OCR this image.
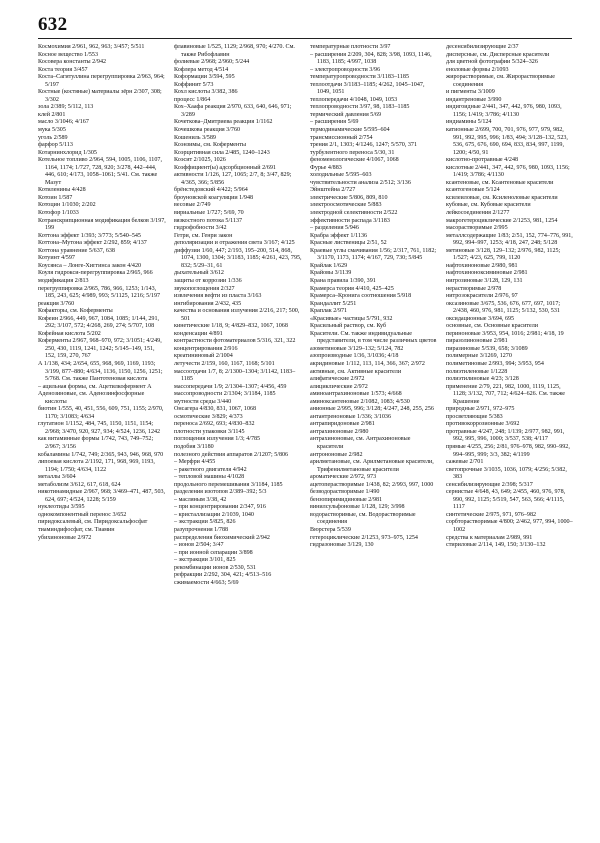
632

Космохимия 2/961, 962, 963; 3/457; 5/511

Косное вещество 1/553

Косовера константы 2/942

Коста теория 3/457

Коста–Сагитуллина перегруппировка 2/963, 964; 5/197

Костные (костяные) материалы зёрн 2/307, 308; 3/302

зола 2/389; 5/112, 113

клей 2/801

масло 3/1046; 4/167

мука 5/305

уголь 2/589

фарфор 5/113

Котарнинхлорид 1/305

Котельное топливо 2/964, 594, 1005, 1106, 1107, 1164, 1174; 1/727, 728, 920; 3/278, 442–444, 446, 610; 4/173, 1058–1061; 5/41. См. также Мазут

Котиленины 4/428

Котоин 1/587

Котоцин 1/1030; 2/202

Котофор 1/1033

Котранскрипционная модификация белков 3/197, 199

Коттона эффект 1/393; 3/773; 5/540–545

Коттона–Мутона эффект 2/292, 859; 4/137

Коттона уравнение 5/637, 638

Котуинт 4/597

Коусянса – Лонге-Хиггинса закон 4/420

Коуля гидрокси-перегруппировка 2/965, 966

модификация 2/813

перегруппировка 2/965, 786, 966, 1253; 1/143, 185, 243, 625; 4/989, 993; 5/1125, 1216; 5/197

реакция 3/760

Кофакторы, см. Коферменты

Кофеин 2/966, 449, 967, 1084, 1085; 1/144, 291, 292; 3/107, 572; 4/268, 269, 274; 5/707, 108

Кофейная кислота 5/202

Коферменты 2/967, 968–970, 972; 3/1051; 4/249, 250, 430, 1119, 1241, 1242; 5/145–149, 151, 152, 159, 270, 767

А 1/138, 434; 2/654, 655, 968, 969, 1169, 1193; 3/199, 877–880; 4/634, 1136, 1150, 1256, 1251; 5/768. См. также Пантотеновая кислота

– ацильная формы, см. Ацетилкофермент А

Аденозиновые, см. Аденозинфосфорные кислоты

биотин 1/555, 40, 451, 556, 609, 751, 1155; 2/970, 1170; 3/1083; 4/634

глутатион 1/1152, 484, 745, 1150, 1151, 1154; 2/968; 3/470, 920, 927, 934; 4/524, 1236, 1242

как витаминные формы 1/742, 743, 749–752; 2/967; 3/156

кобаламины 1/742, 749; 2/365, 943, 946, 968, 970

липоевая кислота 2/1192, 171, 968, 969, 1193, 1194; 1/750; 4/634, 1122

металлы 3/604

метаболизм 3/612, 617, 618, 624

никотинамидные 2/967, 968; 3/469–471, 487, 503, 624, 697; 4/524, 1228; 5/159

нуклеотиды 3/595

однокомпонентный перенос 3/652

пиридоксалевый, см. Пиридоксальфосфат

тиаминдифосфат, см. Тиамин

убихиноновые 2/972

флавиновые 1/525, 1129; 2/968, 970; 4/270. См. также Рибофлавин

фолиевые 2/968; 2/960; 5/244

Кофлера метод 4/514

Коформации 3/594, 595

Коффинит 5/73

Кохл кислоты 3/382, 386

процесс 1/864

Кох–Хаафа реакция 2/970, 633, 640, 646, 971; 3/289

Кочеткова–Дмитриева реакция 1/1162

Кочешкова реакция 3/760

Кошениль 3/589

Коэнзимы, см. Коферменты

Коэрцитивная сила 2/485, 1240–1243

Коэсит 2/1025, 1026

Коэффициент(ы) адсорбционный 2/691

активности 1/126, 127, 1065; 2/7, 8; 3/47, 829; 4/365, 366; 5/856

брёнстедовский 4/422; 5/964

броуновской коагуляции 1/948

весовые 2/749

вириальные 1/727; 5/69, 70

вязкостного потока 5/1137

гидрофобности 3/42

Гетри, см. Генри закон

деполяризации и отражения света 3/167; 4/125

диффузии 1/60, 447; 2/193, 195–200, 514, 868, 1074, 1300, 1304; 3/1183, 1185; 4/261, 423, 795, 832; 5/29–31, 61

дыхательный 3/612

защиты от коррозии 1/336

звукопоглощения 2/327

извлечения вефти из пласта 3/163

ингибирования 2/432, 435

качества и основания излучения 2/216, 217; 500, 501

кинетические 1/18, 9; 4/829–832, 1067, 1068

конденсации 4/891

контрастности фотоматериалов 5/316, 321, 322

концентрирования 2/916

креатининовый 2/1004

летучести 2/159, 160, 1167, 1168; 5/101

массоотдачи 1/7, 8; 2/1300–1304; 3/1142, 1183–1185

массопередачи 1/9; 2/1304–1307; 4/456, 459

массопроводности 2/1304; 3/1184, 1185

мутности среды 3/440

Онсагера 4/830, 831, 1067, 1068

осмотические 3/829; 4/373

переноса 2/692, 693; 4/830–832

плотности упаковки 3/1145

поглощения излучения 1/3; 4/785

подобия 3/1180

полезного действия аппаратов 2/1207; 5/806

– Мерфри 4/455

– ракетного двигателя 4/942

– тепловой машины 4/1028

продольного перемешивания 3/1184, 1185

разделения изотопов 2/389–392; 5/3

– масляным 3/38, 42

– при концентрировании 2/347, 916

– кристаллизации 2/1039, 1040

– экстракции 5/825, 826

разупрочнения 1/788

распределения биохимический 2/942

– ионов 2/504; 3/47

– при ионной сепарации 3/898

– экстракции 3/101, 825

рекомбинации ионов 2/530, 531

рефракции 2/292, 304, 421; 4/513–516

сжимаемости 4/663; 5/69

температурные плотности 3/97

– расширения 2/209, 304, 828; 3/98, 1093, 1146, 1183, 1185; 4/997, 1038

– электропроводности 3/96

температуропроводности 3/1183–1185

теплоотдачи 3/1183–1185; 4/262, 1045–1047, 1049, 1051

теплопередачи 4/1048, 1049, 1053

теплопроводности 3/97, 98, 1183–1185

термический давления 5/69

– расширения 5/69

термодинамические 5/595–604

трансмиссионный 2/754

трения 2/1, 1303; 4/1246, 1247; 5/570, 371

турбулентного переноса 5/30, 31

феноменологические 4/1067, 1068

Фурье 4/883

холодильные 5/595–603

чувствительности анализа 2/512; 3/136

Эйнштейна 2/727

электрические 5/806, 809, 810

электроосмотические 5/883

электродной селективности 2/522

эффективности распада 3/1183

– разделения 5/946

Крабра эффект 1/1136

Красные лиственицы 2/51, 52

Краевые углы смачивания 1/56; 2/317, 761, 1182; 3/1170, 1173, 1174; 4/167, 729, 730; 5/845

Крайлак 1/629

Крайовы 3/1139

Крана правила 1/390, 391

Крамерса теория 4/410, 425–425

Крамерса–Кронига соотношения 5/918

Крандаллит 5/251

Краплак 2/971

«Красивые» частицы 5/791, 932

Красильный раствор, см. Куб

Красители. См. также индивидуальные представители, в том числе различных цветов

азометиновые 3/129–132; 5/124, 782

азопроизводные 1/36, 3/1036; 4/18

акридиновые 1/112, 113, 114, 366, 367; 2/972

активные, см. Активные красители

алифатические 2/972

алициклические 2/972

аминоантрахиноновые 1/573; 4/668

аминоксантеновые 2/1082, 1083; 4/530

анионные 2/995, 996; 3/128; 4/247, 248, 255, 256

антантреноновые 1/336; 3/1036

антрапиридоновые 2/981

антрахиноновые 2/980

антрахиноновые, см. Антрахиноновые красители

антрононовые 2/982

арилметановые, см. Арилметановые красители, Трифенилметановые красители

ароматические 2/972, 973

ацетоперастворимые 1/438, 82; 2/993, 997, 1000

безводорастворимые 1/490

бензопиримидиновые 2/981

винилсульфоновые 1/128, 129; 3/998

водорастворимые, см. Водорастворимые соединения

Вюрстера 5/539

гетероциклические 2/1253, 973–975, 1254

гидразоновые 3/129, 130

десенсибилизирующие 2/37

дисперсные, см. Дисперсные красители

для цветной фотографии 5/324–326

еноловые формы 2/1093

жирорастворимые, см. Жирорастворимые соединения

и пигменты 3/1009

индантреновые 3/990

индигоидные 2/441, 347, 442, 976, 980, 1093, 1156; 1/419; 3/786; 4/1130

индиамины 5/124

катионные 2/699, 700, 701, 976, 977, 979, 982, 991, 992, 995, 996; 1/83, 494; 3/128–132, 523, 536, 675, 676, 690, 694, 833, 834, 997, 1199, 1200; 4/50, 91

кислотно-протравные 4/248

кислотные 2/441, 347, 442, 976, 980, 1093, 1156; 1/419; 3/786; 4/1130

ксантеновые, см. Ксантеновые красители

ксантогеновые 5/124

ксилеиловые, см. Ксиленоловые красители

кубовые, см. Кубовые красители

лейкосоединения 2/1277

макрогетероциклические 2/1253, 981, 1254

масорастворимые 2/995

металлсодержащие 1/83; 2/51, 152, 774–776, 991, 992, 994–997, 1253; 4/18, 247, 248; 5/128

метиновые 3/128, 129–132; 2/976, 982, 1125; 1/527; 4/23, 625, 799, 1120

нафтохиноновые 2/980, 981

нафтохиноноксиминовые 2/981

нигрозиновые 3/128, 129, 131

нерастворимые 2/978

нитрозокрасители 2/976, 97

оксазиновые 3/675, 536, 676, 677, 697, 1017; 2/438, 460, 976, 981, 1125; 5/132, 530, 531

оксидационные 3/694, 695

основные, см. Основные красители

периноновые 3/953, 954, 1016; 2/981; 4/18, 19

пиразолиноновые 2/981

пиразиновые 5/539, 658; 3/1089

полимерные 3/1269, 1270

полиметиновые 2/993, 994; 3/953, 954

полиэтиленовые 1/1228

полиэтилиновые 4/23; 3/128

применение 2/79, 221, 982, 1000, 1119, 1125, 1128; 3/132, 707, 712; 4/624–626. См. также Крашение

природные 2/971, 972–975

просветляющие 5/383

противокоррозионные 3/692

протравные 4/247, 248; 1/139; 2/977, 982, 991, 992, 995, 996, 1000; 3/537, 538; 4/117

прямые 4/255, 256; 2/81, 976–978, 982, 990–992, 994–995, 999; 3/3, 382; 4/1199

сажевые 2/701

светопрочные 3/1035, 1036, 1079; 4/256; 5/382, 383

сенсибилизирующие 2/398; 5/317

сернистые 4/648, 43, 649; 2/455, 460, 976, 978, 990, 992, 1125; 5/519, 547, 563, 566; 4/1115, 1117

синтетические 2/975, 971, 976–982

сорбторастворимые 4/800; 2/462, 977, 994, 1000–1002

средства к материалам 2/989, 991

стириловые 2/114, 149, 150; 3/130–132
